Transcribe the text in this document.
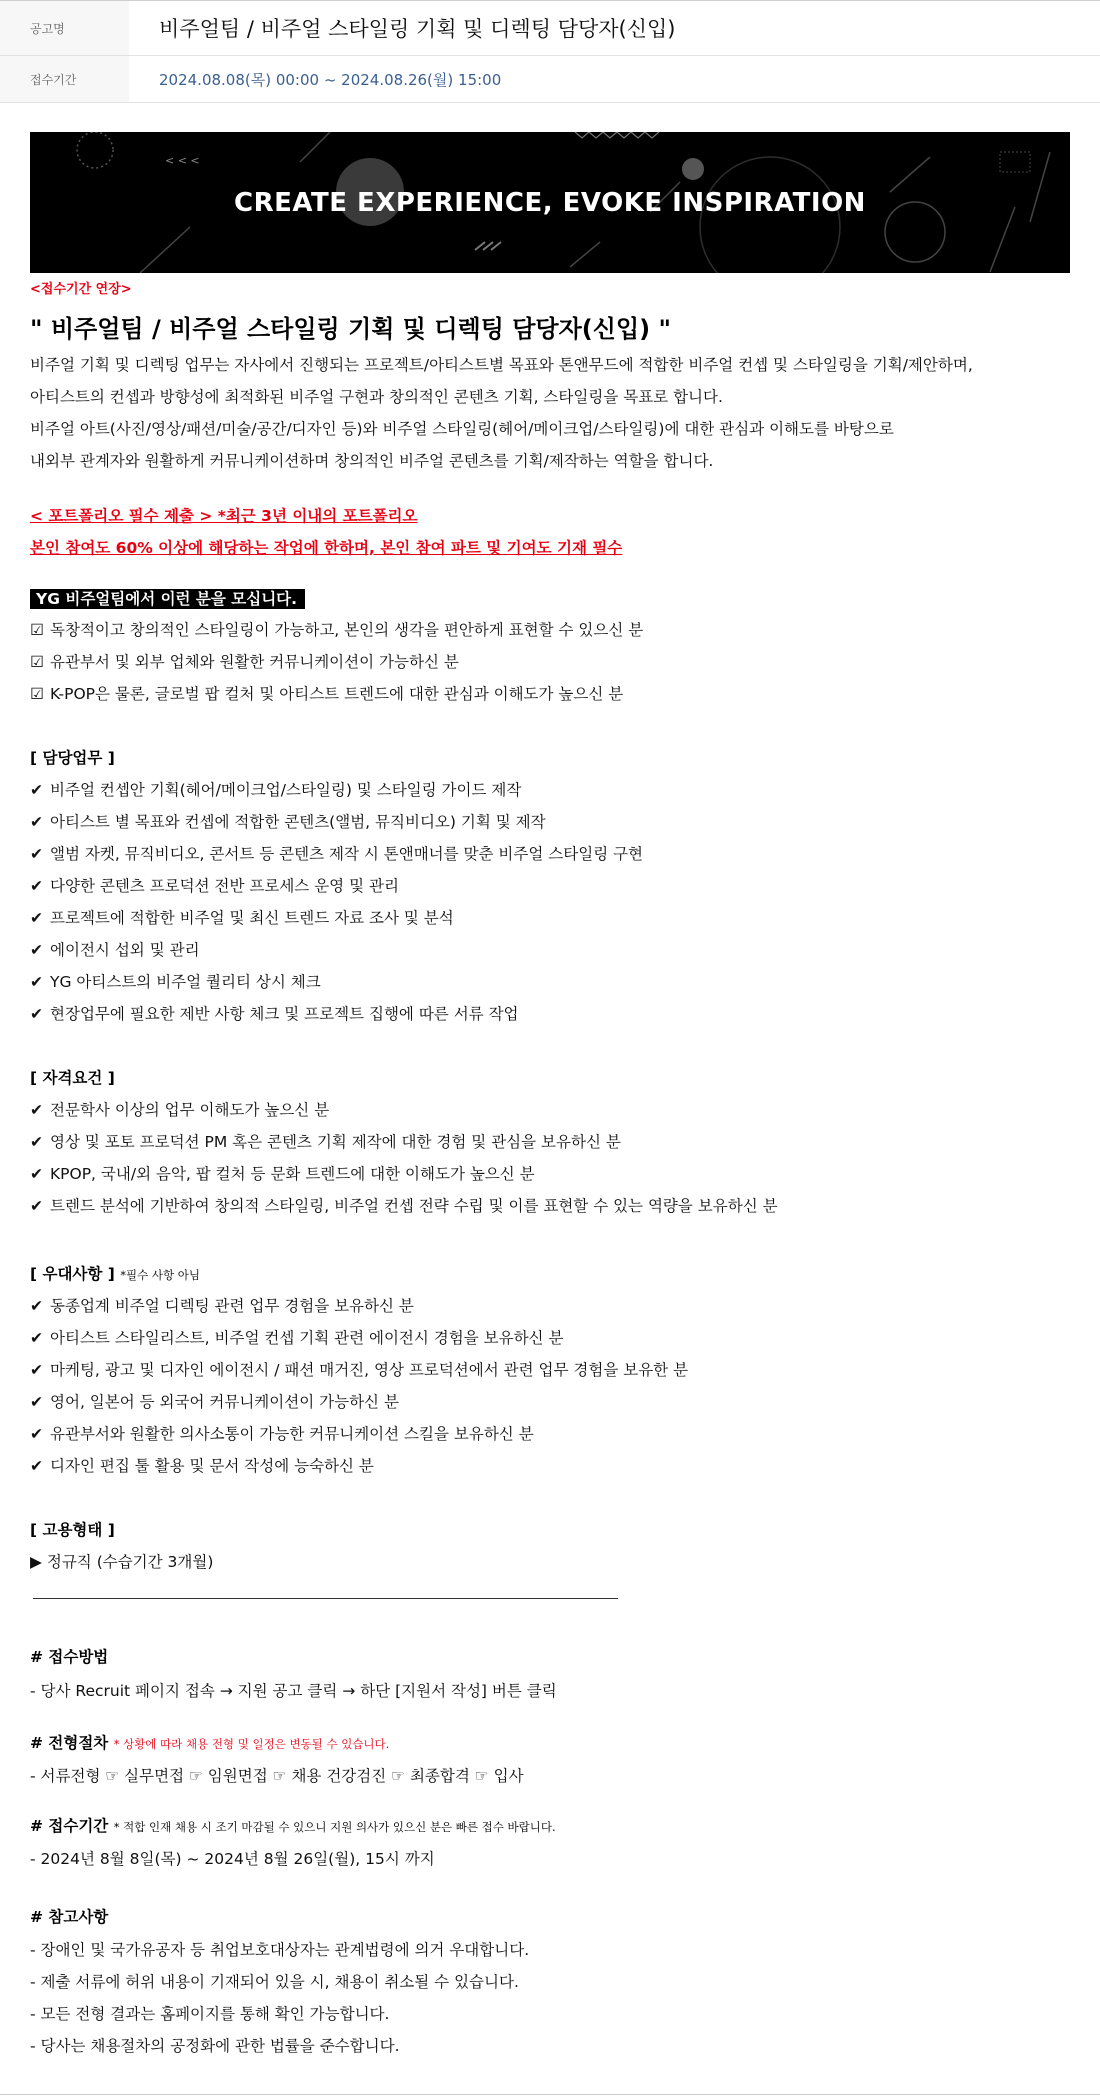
공고명	비주얼팀 / 비주얼 스타일링 기획 및 디렉팅 담당자(신입)
접수기간	2024.08.08(목) 00:00 ~ 2024.08.26(월) 15:00
< < <
CREATE EXPERIENCE, EVOKE INSPIRATION
<접수기간 연장>
" 비주얼팀 / 비주얼 스타일링 기획 및 디렉팅 담당자(신입) "
비주얼 기획 및 디렉팅 업무는 자사에서 진행되는 프로젝트/아티스트별 목표와 톤앤무드에 적합한 비주얼 컨셉 및 스타일링을 기획/제안하며,
아티스트의 컨셉과 방향성에 최적화된 비주얼 구현과 창의적인 콘텐츠 기획, 스타일링을 목표로 합니다.
비주얼 아트(사진/영상/패션/미술/공간/디자인 등)와 비주얼 스타일링(헤어/메이크업/스타일링)에 대한 관심과 이해도를 바탕으로
내외부 관계자와 원활하게 커뮤니케이션하며 창의적인 비주얼 콘텐츠를 기획/제작하는 역할을 합니다.
< 포트폴리오 필수 제출 > *최근 3년 이내의 포트폴리오
본인 참여도 60% 이상에 해당하는 작업에 한하며, 본인 참여 파트 및 기여도 기재 필수
YG 비주얼팀에서 이런 분을 모십니다.
☑ 독창적이고 창의적인 스타일링이 가능하고, 본인의 생각을 편안하게 표현할 수 있으신 분
☑ 유관부서 및 외부 업체와 원활한 커뮤니케이션이 가능하신 분
☑ K-POP은 물론, 글로벌 팝 컬처 및 아티스트 트렌드에 대한 관심과 이해도가 높으신 분
[ 담당업무 ]
✔ 비주얼 컨셉안 기획(헤어/메이크업/스타일링) 및 스타일링 가이드 제작
✔ 아티스트 별 목표와 컨셉에 적합한 콘텐츠(앨범, 뮤직비디오) 기획 및 제작
✔ 앨범 자켓, 뮤직비디오, 콘서트 등 콘텐츠 제작 시 톤앤매너를 맞춘 비주얼 스타일링 구현
✔ 다양한 콘텐츠 프로덕션 전반 프로세스 운영 및 관리
✔ 프로젝트에 적합한 비주얼 및 최신 트렌드 자료 조사 및 분석
✔ 에이전시 섭외 및 관리
✔ YG 아티스트의 비주얼 퀄리티 상시 체크
✔ 현장업무에 필요한 제반 사항 체크 및 프로젝트 집행에 따른 서류 작업
[ 자격요건 ]
✔ 전문학사 이상의 업무 이해도가 높으신 분
✔ 영상 및 포토 프로덕션 PM 혹은 콘텐츠 기획 제작에 대한 경험 및 관심을 보유하신 분
✔ KPOP, 국내/외 음악, 팝 컬처 등 문화 트렌드에 대한 이해도가 높으신 분
✔ 트렌드 분석에 기반하여 창의적 스타일링, 비주얼 컨셉 전략 수립 및 이를 표현할 수 있는 역량을 보유하신 분
[ 우대사항 ] *필수 사항 아님
✔ 동종업계 비주얼 디렉팅 관련 업무 경험을 보유하신 분
✔ 아티스트 스타일리스트, 비주얼 컨셉 기획 관련 에이전시 경험을 보유하신 분
✔ 마케팅, 광고 및 디자인 에이전시 / 패션 매거진, 영상 프로덕션에서 관련 업무 경험을 보유한 분
✔ 영어, 일본어 등 외국어 커뮤니케이션이 가능하신 분
✔ 유관부서와 원활한 의사소통이 가능한 커뮤니케이션 스킬을 보유하신 분
✔ 디자인 편집 툴 활용 및 문서 작성에 능숙하신 분
[ 고용형태 ]
▶ 정규직 (수습기간 3개월)
# 접수방법
- 당사 Recruit 페이지 접속 → 지원 공고 클릭 → 하단 [지원서 작성] 버튼 클릭
# 전형절차 * 상황에 따라 채용 전형 및 일정은 변동될 수 있습니다.
- 서류전형 ☞ 실무면접 ☞ 임원면접 ☞ 채용 건강검진 ☞ 최종합격 ☞ 입사
# 접수기간 * 적합 인재 채용 시 조기 마감될 수 있으니 지원 의사가 있으신 분은 빠른 접수 바랍니다.
- 2024년 8월 8일(목) ~ 2024년 8월 26일(월), 15시 까지
# 참고사항
- 장애인 및 국가유공자 등 취업보호대상자는 관계법령에 의거 우대합니다.
- 제출 서류에 허위 내용이 기재되어 있을 시, 채용이 취소될 수 있습니다.
- 모든 전형 결과는 홈페이지를 통해 확인 가능합니다.
- 당사는 채용절차의 공정화에 관한 법률을 준수합니다.
